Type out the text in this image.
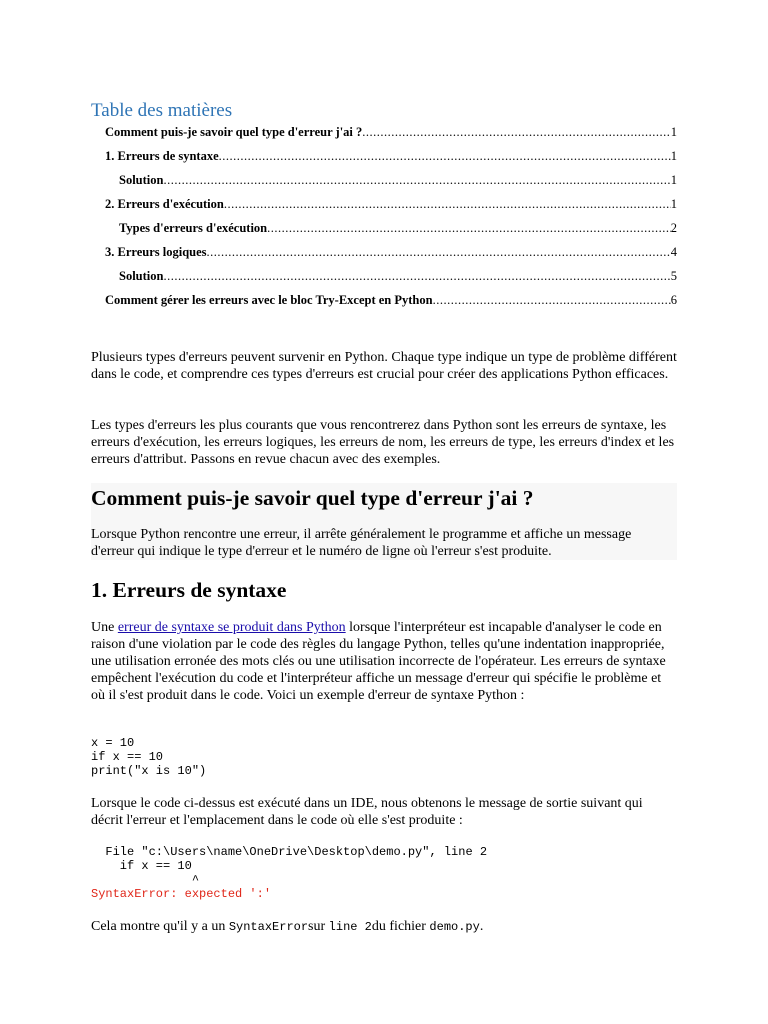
Table des matières
Comment puis-je savoir quel type d'erreur j'ai ? .....	1
1. Erreurs de syntaxe .....	1
Solution .....	1
2. Erreurs d'exécution .....	1
Types d'erreurs d'exécution .....	2
3. Erreurs logiques .....	4
Solution .....	5
Comment gérer les erreurs avec le bloc Try-Except en Python .....	6

Plusieurs types d'erreurs peuvent survenir en Python. Chaque type indique un type de problème différent dans le code, et comprendre ces types d'erreurs est crucial pour créer des applications Python efficaces.

Les types d'erreurs les plus courants que vous rencontrerez dans Python sont les erreurs de syntaxe, les erreurs d'exécution, les erreurs logiques, les erreurs de nom, les erreurs de type, les erreurs d'index et les erreurs d'attribut. Passons en revue chacun avec des exemples.

Comment puis-je savoir quel type d'erreur j'ai ?

Lorsque Python rencontre une erreur, il arrête généralement le programme et affiche un message d'erreur qui indique le type d'erreur et le numéro de ligne où l'erreur s'est produite.

1. Erreurs de syntaxe

Une erreur de syntaxe se produit dans Python lorsque l'interpréteur est incapable d'analyser le code en raison d'une violation par le code des règles du langage Python, telles qu'une indentation inappropriée, une utilisation erronée des mots clés ou une utilisation incorrecte de l'opérateur. Les erreurs de syntaxe empêchent l'exécution du code et l'interpréteur affiche un message d'erreur qui spécifie le problème et où il s'est produit dans le code. Voici un exemple d'erreur de syntaxe Python :

x = 10
if x == 10
print("x is 10")

Lorsque le code ci-dessus est exécuté dans un IDE, nous obtenons le message de sortie suivant qui décrit l'erreur et l'emplacement dans le code où elle s'est produite :

File "c:\Users\name\OneDrive\Desktop\demo.py", line 2
if x == 10
^
SyntaxError: expected ':'

Cela montre qu'il y a un SyntaxErrorsur line 2du fichier demo.py.
